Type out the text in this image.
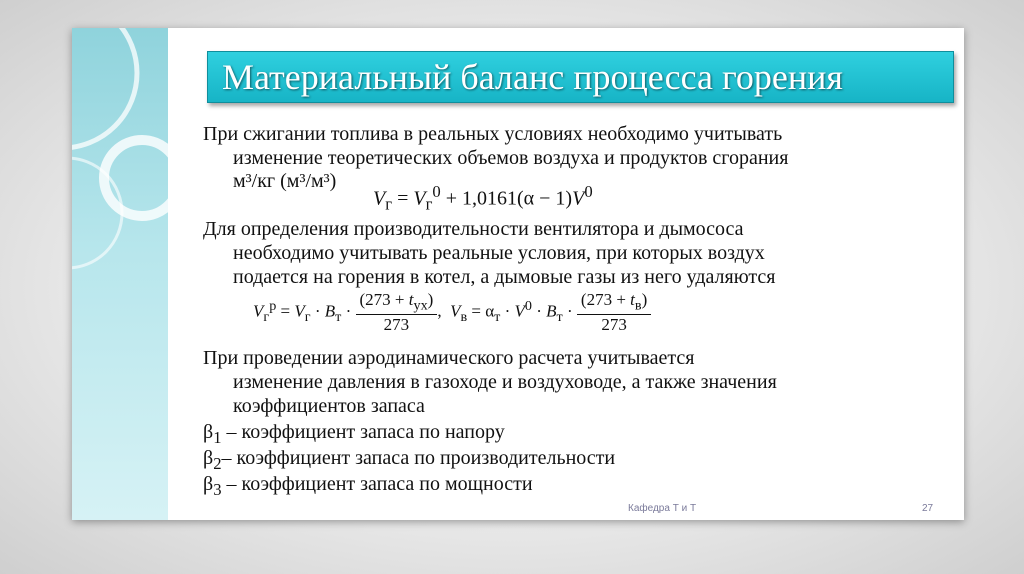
Материальный баланс процесса горения
При сжигании топлива в реальных условиях необходимо учитывать
изменение теоретических объемов воздуха и продуктов сгорания
м³/кг (м³/м³)
$V_г = V_г^0 + 1,0161(\alpha - 1)V^0$
Для определения производительности вентилятора и дымососа
необходимо учитывать реальные условия, при которых воздух
подается на горения в котел, а дымовые газы из него удаляются
$V_г^р = V_г \cdot B_т \cdot \frac{(273 + t_{ух})}{273}$ , $V_в = \alpha_т \cdot V^0 \cdot B_т \cdot \frac{(273 + t_в)}{273}$
При проведении аэродинамического расчета учитывается
изменение давления в газоходе и воздуховоде, а также значения
коэффициентов запаса
$\beta_1$ – коэффициент запаса по напору
$\beta_2-$ коэффициент запаса по производительности
$\beta_3$ – коэффициент запаса по мощности
Кафедра Т и Т	27
